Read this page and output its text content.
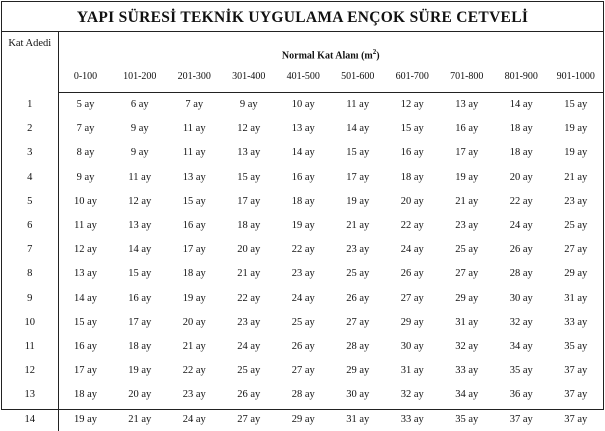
YAPI SÜRESİ TEKNİK UYGULAMA ENÇOK SÜRE CETVELİ
Kat Adedi	Normal Kat Alanı $(m^2)$									
	0-100	101-200	201-300	301-400	401-500	501-600	601-700	701-800	801-900	901-1000
1	5 ay	6 ay	7 ay	9 ay	10 ay	11 ay	12 ay	13 ay	14 ay	15 ay
2	7 ay	9 ay	11 ay	12 ay	13 ay	14 ay	15 ay	16 ay	18 ay	19 ay
3	8 ay	9 ay	11 ay	13 ay	14 ay	15 ay	16 ay	17 ay	18 ay	19 ay
4	9 ay	11 ay	13 ay	15 ay	16 ay	17 ay	18 ay	19 ay	20 ay	21 ay
5	10 ay	12 ay	15 ay	17 ay	18 ay	19 ay	20 ay	21 ay	22 ay	23 ay
6	11 ay	13 ay	16 ay	18 ay	19 ay	21 ay	22 ay	23 ay	24 ay	25 ay
7	12 ay	14 ay	17 ay	20 ay	22 ay	23 ay	24 ay	25 ay	26 ay	27 ay
8	13 ay	15 ay	18 ay	21 ay	23 ay	25 ay	26 ay	27 ay	28 ay	29 ay
9	14 ay	16 ay	19 ay	22 ay	24 ay	26 ay	27 ay	29 ay	30 ay	31 ay
10	15 ay	17 ay	20 ay	23 ay	25 ay	27 ay	29 ay	31 ay	32 ay	33 ay
11	16 ay	18 ay	21 ay	24 ay	26 ay	28 ay	30 ay	32 ay	34 ay	35 ay
12	17 ay	19 ay	22 ay	25 ay	27 ay	29 ay	31 ay	33 ay	35 ay	37 ay
13	18 ay	20 ay	23 ay	26 ay	28 ay	30 ay	32 ay	34 ay	36 ay	37 ay
14	19 ay	21 ay	24 ay	27 ay	29 ay	31 ay	33 ay	35 ay	37 ay	37 ay
